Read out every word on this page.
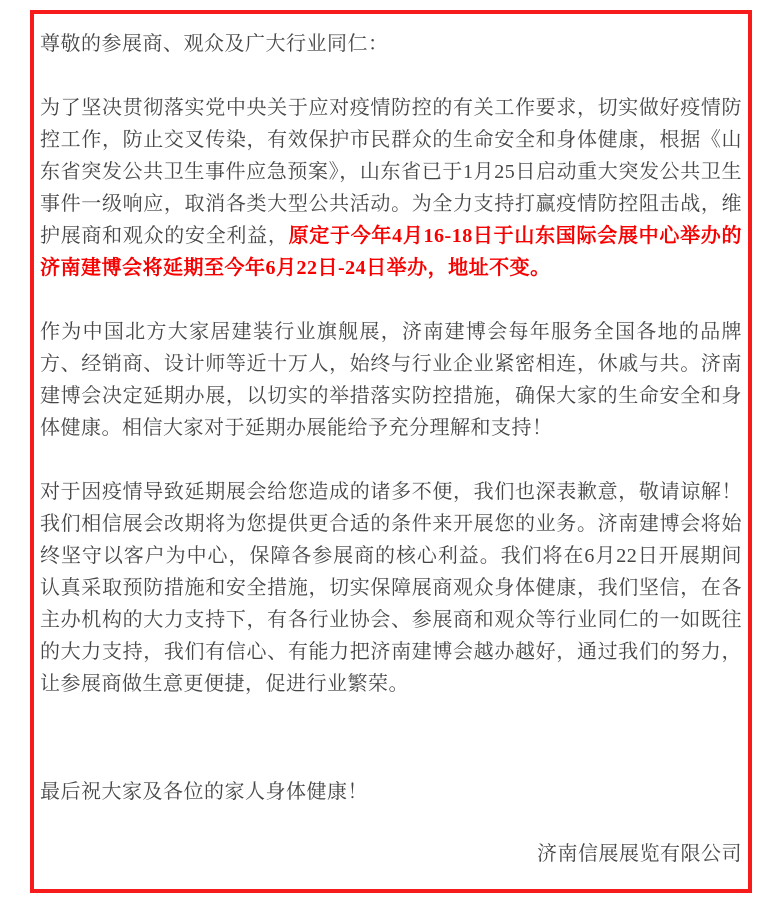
尊敬的参展商、观众及广大行业同仁：

为了坚决贯彻落实党中央关于应对疫情防控的有关工作要求，切实做好疫情防控工作，防止交叉传染，有效保护市民群众的生命安全和身体健康，根据《山东省突发公共卫生事件应急预案》，山东省已于1月25日启动重大突发公共卫生事件一级响应，取消各类大型公共活动。为全力支持打赢疫情防控阻击战，维护展商和观众的安全利益，原定于今年4月16-18日于山东国际会展中心举办的济南建博会将延期至今年6月22日-24日举办，地址不变。

作为中国北方大家居建装行业旗舰展，济南建博会每年服务全国各地的品牌方、经销商、设计师等近十万人，始终与行业企业紧密相连，休戚与共。济南建博会决定延期办展，以切实的举措落实防控措施，确保大家的生命安全和身体健康。相信大家对于延期办展能给予充分理解和支持！

对于因疫情导致延期展会给您造成的诸多不便，我们也深表歉意，敬请谅解！我们相信展会改期将为您提供更合适的条件来开展您的业务。济南建博会将始终坚守以客户为中心，保障各参展商的核心利益。我们将在6月22日开展期间认真采取预防措施和安全措施，切实保障展商观众身体健康，我们坚信，在各主办机构的大力支持下，有各行业协会、参展商和观众等行业同仁的一如既往的大力支持，我们有信心、有能力把济南建博会越办越好，通过我们的努力，让参展商做生意更便捷，促进行业繁荣。

最后祝大家及各位的家人身体健康！

济南信展展览有限公司
